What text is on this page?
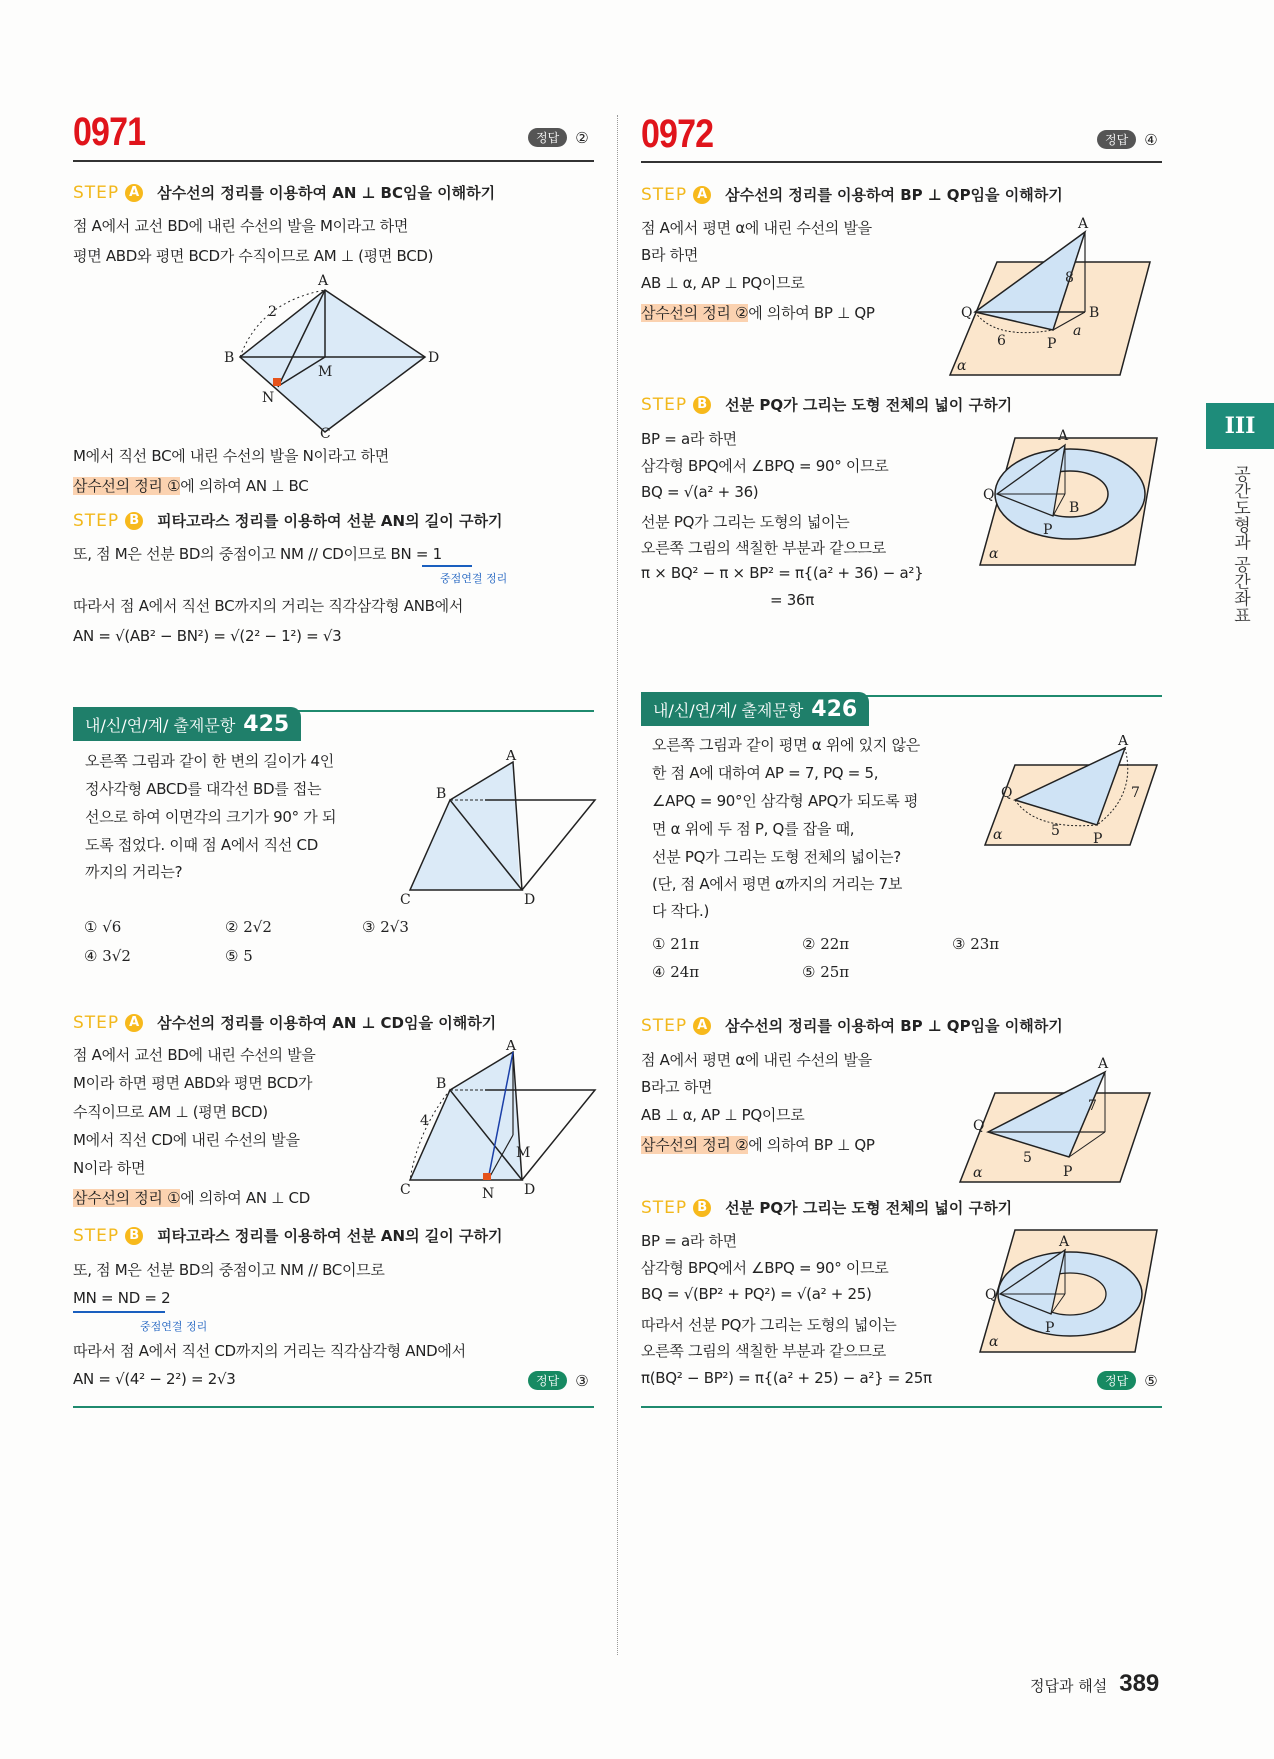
0971	정답	②
STEP A 삼수선의 정리를 이용하여 AN ⊥ BC임을 이해하기
점 A에서 교선 BD에 내린 수선의 발을 M이라고 하면
평면 ABD와 평면 BCD가 수직이므로 AM ⊥ (평면 BCD)
A
B
C
D
M
N
2
M에서 직선 BC에 내린 수선의 발을 N이라고 하면
삼수선의 정리 ①에 의하여 AN ⊥ BC
STEP B 피타고라스 정리를 이용하여 선분 AN의 길이 구하기
또, 점 M은 선분 BD의 중점이고 NM // CD이므로 BN = 1
중점연결 정리
따라서 점 A에서 직선 BC까지의 거리는 직각삼각형 ANB에서
AN = √(AB² − BN²) = √(2² − 1²) = √3
내/신/연/계/ 출제문항 425
오른쪽 그림과 같이 한 변의 길이가 4인
정사각형 ABCD를 대각선 BD를 접는
선으로 하여 이면각의 크기가 90° 가 되
도록 접었다. 이때 점 A에서 직선 CD
까지의 거리는?
A
B
C	D
① √6	② 2√2	③ 2√3
④ 3√2	⑤ 5
STEP A 삼수선의 정리를 이용하여 AN ⊥ CD임을 이해하기
점 A에서 교선 BD에 내린 수선의 발을
M이라 하면 평면 ABD와 평면 BCD가
수직이므로 AM ⊥ (평면 BCD)
M에서 직선 CD에 내린 수선의 발을
N이라 하면
삼수선의 정리 ①에 의하여 AN ⊥ CD
A
B
C	D
M
N
4
STEP B 피타고라스 정리를 이용하여 선분 AN의 길이 구하기
또, 점 M은 선분 BD의 중점이고 NM // BC이므로
MN = ND = 2
중점연결 정리
따라서 점 A에서 직선 CD까지의 거리는 직각삼각형 AND에서
AN = √(4² − 2²) = 2√3	정답	③
0972	정답	④
STEP A 삼수선의 정리를 이용하여 BP ⊥ QP임을 이해하기
점 A에서 평면 α에 내린 수선의 발을
B라 하면
AB ⊥ α, AP ⊥ PQ이므로
삼수선의 정리 ②에 의하여 BP ⊥ QP
A
B
P
Q
α
8
6
a
STEP B 선분 PQ가 그리는 도형 전체의 넓이 구하기
BP = a라 하면
삼각형 BPQ에서 ∠BPQ = 90° 이므로
BQ = √(a² + 36)
선분 PQ가 그리는 도형의 넓이는
오른쪽 그림의 색칠한 부분과 같으므로
π × BQ² − π × BP² = π{(a² + 36) − a²}
= 36π
A
B
P
Q
α
내/신/연/계/ 출제문항 426
오른쪽 그림과 같이 평면 α 위에 있지 않은
한 점 A에 대하여 AP = 7, PQ = 5,
∠APQ = 90°인 삼각형 APQ가 되도록 평
면 α 위에 두 점 P, Q를 잡을 때,
선분 PQ가 그리는 도형 전체의 넓이는?
(단, 점 A에서 평면 α까지의 거리는 7보
다 작다.)
A
P
Q
α
7
5
① 21π	② 22π	③ 23π
④ 24π	⑤ 25π
STEP A 삼수선의 정리를 이용하여 BP ⊥ QP임을 이해하기
점 A에서 평면 α에 내린 수선의 발을
B라고 하면
AB ⊥ α, AP ⊥ PQ이므로
삼수선의 정리 ②에 의하여 BP ⊥ QP
A
P
Q
α
7
5
STEP B 선분 PQ가 그리는 도형 전체의 넓이 구하기
BP = a라 하면
삼각형 BPQ에서 ∠BPQ = 90° 이므로
BQ = √(BP² + PQ²) = √(a² + 25)
따라서 선분 PQ가 그리는 도형의 넓이는
오른쪽 그림의 색칠한 부분과 같으므로
π(BQ² − BP²) = π{(a² + 25) − a²} = 25π
A
P
Q
α
정답	⑤
III
공간도형과 공간좌표
정답과 해설 389
